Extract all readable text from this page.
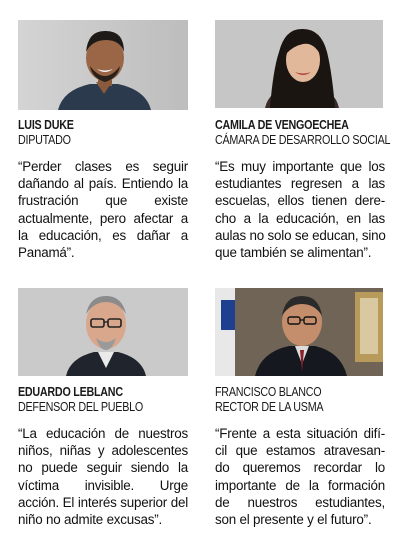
LUIS DUKE
DIPUTADO
“Perder clases es seguir
dañando al país. Entiendo la
frustración que existe
actualmente, pero afectar a
la educación, es dañar a
Panamá”.
CAMILA DE VENGOECHEA
CÁMARA DE DESARROLLO SOCIAL
“Es muy importante que los
estudiantes regresen a las
escuelas, ellos tienen dere-
cho a la educación, en las
aulas no solo se educan, sino
que también se alimentan”.
EDUARDO LEBLANC
DEFENSOR DEL PUEBLO
“La educación de nuestros
niños, niñas y adolescentes
no puede seguir siendo la
víctima invisible. Urge
acción. El interés superior del
niño no admite excusas”.
FRANCISCO BLANCO
RECTOR DE LA USMA
“Frente a esta situación difí-
cil que estamos atravesan-
do queremos recordar lo
importante de la formación
de nuestros estudiantes,
son el presente y el futuro”.
